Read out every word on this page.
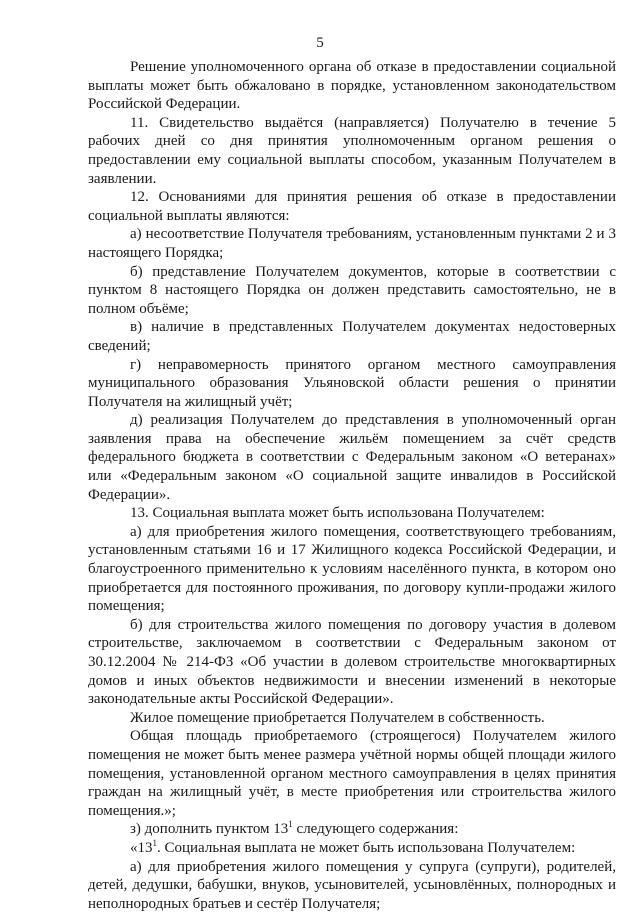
5

Решение уполномоченного органа об отказе в предоставлении социальной выплаты может быть обжаловано в порядке, установленном законодательством Российской Федерации.

11. Свидетельство выдаётся (направляется) Получателю в течение 5 рабочих дней со дня принятия уполномоченным органом решения о предоставлении ему социальной выплаты способом, указанным Получателем в заявлении.

12. Основаниями для принятия решения об отказе в предоставлении социальной выплаты являются:

а) несоответствие Получателя требованиям, установленным пунктами 2 и 3 настоящего Порядка;

б) представление Получателем документов, которые в соответствии с пунктом 8 настоящего Порядка он должен представить самостоятельно, не в полном объёме;

в) наличие в представленных Получателем документах недостоверных сведений;

г) неправомерность принятого органом местного самоуправления муниципального образования Ульяновской области решения о принятии Получателя на жилищный учёт;

д) реализация Получателем до представления в уполномоченный орган заявления права на обеспечение жильём помещением за счёт средств федерального бюджета в соответствии с Федеральным законом «О ветеранах» или «Федеральным законом «О социальной защите инвалидов в Российской Федерации».

13. Социальная выплата может быть использована Получателем:

а) для приобретения жилого помещения, соответствующего требованиям, установленным статьями 16 и 17 Жилищного кодекса Российской Федерации, и благоустроенного применительно к условиям населённого пункта, в котором оно приобретается для постоянного проживания, по договору купли-продажи жилого помещения;

б) для строительства жилого помещения по договору участия в долевом строительстве, заключаемом в соответствии с Федеральным законом от 30.12.2004 № 214-ФЗ «Об участии в долевом строительстве многоквартирных домов и иных объектов недвижимости и внесении изменений в некоторые законодательные акты Российской Федерации».

Жилое помещение приобретается Получателем в собственность.

Общая площадь приобретаемого (строящегося) Получателем жилого помещения не может быть менее размера учётной нормы общей площади жилого помещения, установленной органом местного самоуправления в целях принятия граждан на жилищный учёт, в месте приобретения или строительства жилого помещения.»;

з) дополнить пунктом $13^1$ следующего содержания:

«$13^1$. Социальная выплата не может быть использована Получателем:

а) для приобретения жилого помещения у супруга (супруги), родителей, детей, дедушки, бабушки, внуков, усыновителей, усыновлённых, полнородных и неполнородных братьев и сестёр Получателя;
